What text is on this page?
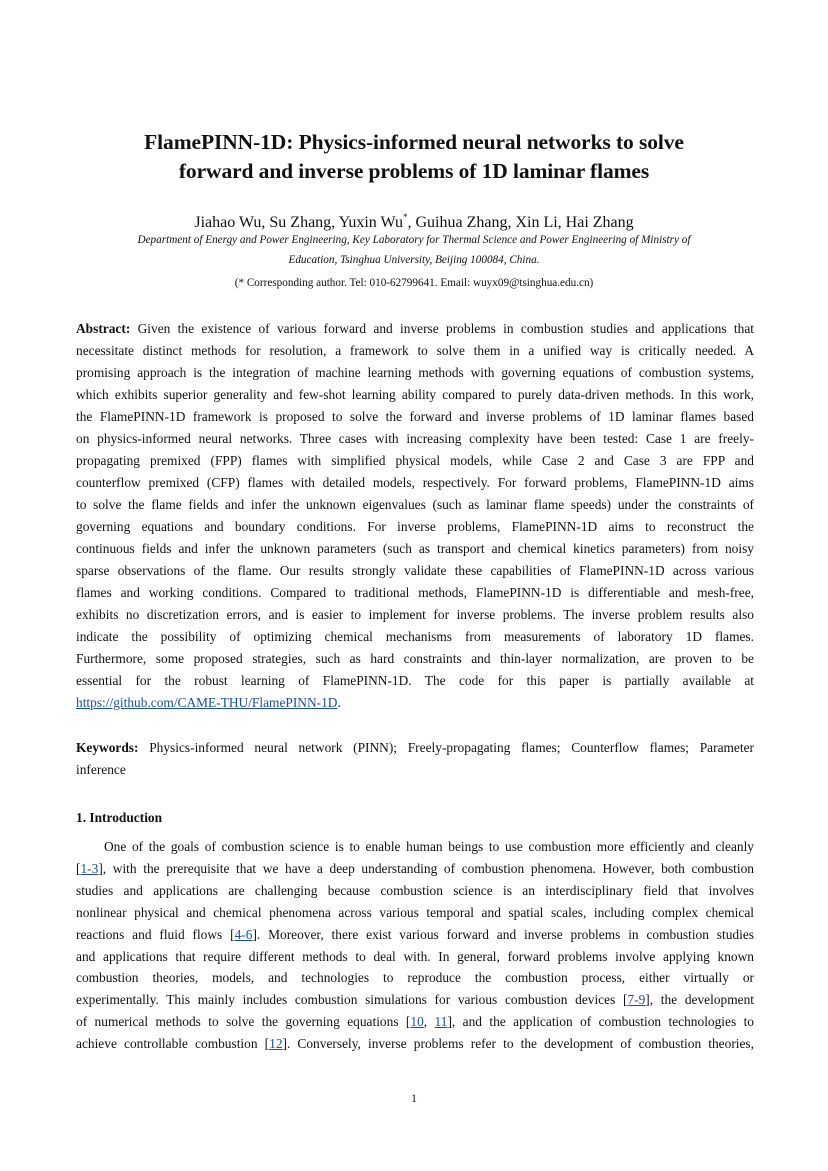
FlamePINN-1D: Physics-informed neural networks to solve
forward and inverse problems of 1D laminar flames
Jiahao Wu, Su Zhang, Yuxin Wu*, Guihua Zhang, Xin Li, Hai Zhang
Department of Energy and Power Engineering, Key Laboratory for Thermal Science and Power Engineering of Ministry of
Education, Tsinghua University, Beijing 100084, China.
(* Corresponding author. Tel: 010-62799641. Email: wuyx09@tsinghua.edu.cn)
Abstract: Given the existence of various forward and inverse problems in combustion studies and applications that
necessitate distinct methods for resolution, a framework to solve them in a unified way is critically needed. A
promising approach is the integration of machine learning methods with governing equations of combustion systems,
which exhibits superior generality and few-shot learning ability compared to purely data-driven methods. In this work,
the FlamePINN-1D framework is proposed to solve the forward and inverse problems of 1D laminar flames based
on physics-informed neural networks. Three cases with increasing complexity have been tested: Case 1 are freely-
propagating premixed (FPP) flames with simplified physical models, while Case 2 and Case 3 are FPP and
counterflow premixed (CFP) flames with detailed models, respectively. For forward problems, FlamePINN-1D aims
to solve the flame fields and infer the unknown eigenvalues (such as laminar flame speeds) under the constraints of
governing equations and boundary conditions. For inverse problems, FlamePINN-1D aims to reconstruct the
continuous fields and infer the unknown parameters (such as transport and chemical kinetics parameters) from noisy
sparse observations of the flame. Our results strongly validate these capabilities of FlamePINN-1D across various
flames and working conditions. Compared to traditional methods, FlamePINN-1D is differentiable and mesh-free,
exhibits no discretization errors, and is easier to implement for inverse problems. The inverse problem results also
indicate the possibility of optimizing chemical mechanisms from measurements of laboratory 1D flames.
Furthermore, some proposed strategies, such as hard constraints and thin-layer normalization, are proven to be
essential for the robust learning of FlamePINN-1D. The code for this paper is partially available at
https://github.com/CAME-THU/FlamePINN-1D.
Keywords: Physics-informed neural network (PINN); Freely-propagating flames; Counterflow flames; Parameter
inference
1. Introduction
One of the goals of combustion science is to enable human beings to use combustion more efficiently and cleanly
[1-3], with the prerequisite that we have a deep understanding of combustion phenomena. However, both combustion
studies and applications are challenging because combustion science is an interdisciplinary field that involves
nonlinear physical and chemical phenomena across various temporal and spatial scales, including complex chemical
reactions and fluid flows [4-6]. Moreover, there exist various forward and inverse problems in combustion studies
and applications that require different methods to deal with. In general, forward problems involve applying known
combustion theories, models, and technologies to reproduce the combustion process, either virtually or
experimentally. This mainly includes combustion simulations for various combustion devices [7-9], the development
of numerical methods to solve the governing equations [10, 11], and the application of combustion technologies to
achieve controllable combustion [12]. Conversely, inverse problems refer to the development of combustion theories,
1
